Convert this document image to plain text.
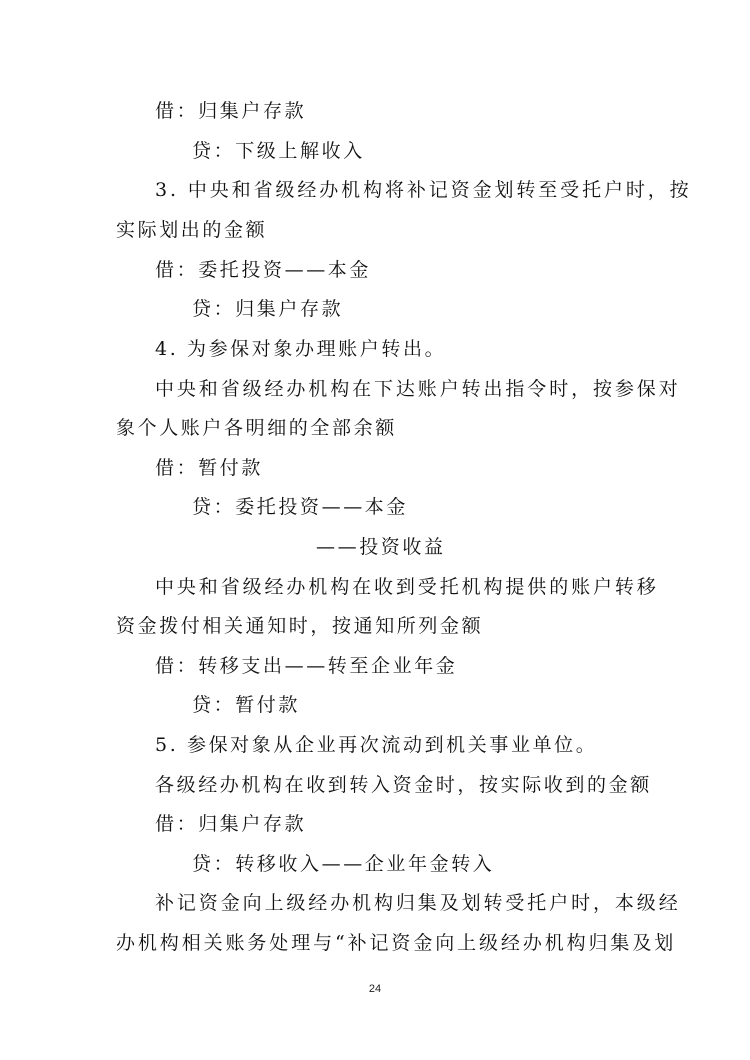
借：归集户存款
贷：下级上解收入
3. 中央和省级经办机构将补记资金划转至受托户时，按
实际划出的金额
借：委托投资——本金
贷：归集户存款
4. 为参保对象办理账户转出。
中央和省级经办机构在下达账户转出指令时，按参保对
象个人账户各明细的全部余额
借：暂付款
贷：委托投资——本金
——投资收益
中央和省级经办机构在收到受托机构提供的账户转移
资金拨付相关通知时，按通知所列金额
借：转移支出——转至企业年金
贷：暂付款
5. 参保对象从企业再次流动到机关事业单位。
各级经办机构在收到转入资金时，按实际收到的金额
借：归集户存款
贷：转移收入——企业年金转入
补记资金向上级经办机构归集及划转受托户时，本级经
办机构相关账务处理与“补记资金向上级经办机构归集及划
24
